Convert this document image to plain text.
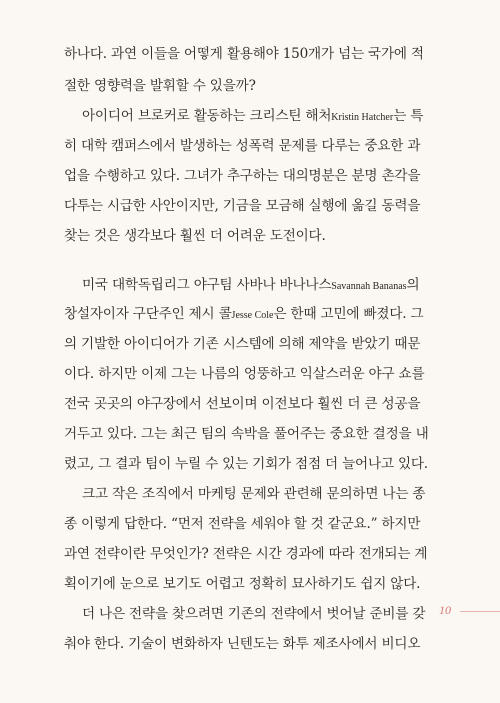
하나다. 과연 이들을 어떻게 활용해야 150개가 넘는 국가에 적
절한 영향력을 발휘할 수 있을까?
아이디어 브로커로 활동하는 크리스틴 해처Kristin Hatcher는 특
히 대학 캠퍼스에서 발생하는 성폭력 문제를 다루는 중요한 과
업을 수행하고 있다. 그녀가 추구하는 대의명분은 분명 촌각을
다투는 시급한 사안이지만, 기금을 모금해 실행에 옮길 동력을
찾는 것은 생각보다 훨씬 더 어려운 도전이다.
미국 대학독립리그 야구팀 사바나 바나나스Savannah Bananas의
창설자이자 구단주인 제시 콜Jesse Cole은 한때 고민에 빠졌다. 그
의 기발한 아이디어가 기존 시스템에 의해 제약을 받았기 때문
이다. 하지만 이제 그는 나름의 엉뚱하고 익살스러운 야구 쇼를
전국 곳곳의 야구장에서 선보이며 이전보다 훨씬 더 큰 성공을
거두고 있다. 그는 최근 팀의 속박을 풀어주는 중요한 결정을 내
렸고, 그 결과 팀이 누릴 수 있는 기회가 점점 더 늘어나고 있다.
크고 작은 조직에서 마케팅 문제와 관련해 문의하면 나는 종
종 이렇게 답한다. “먼저 전략을 세워야 할 것 같군요.” 하지만
과연 전략이란 무엇인가? 전략은 시간 경과에 따라 전개되는 계
획이기에 눈으로 보기도 어렵고 정확히 묘사하기도 쉽지 않다.
더 나은 전략을 찾으려면 기존의 전략에서 벗어날 준비를 갖
춰야 한다. 기술이 변화하자 닌텐도는 화투 제조사에서 비디오
10
